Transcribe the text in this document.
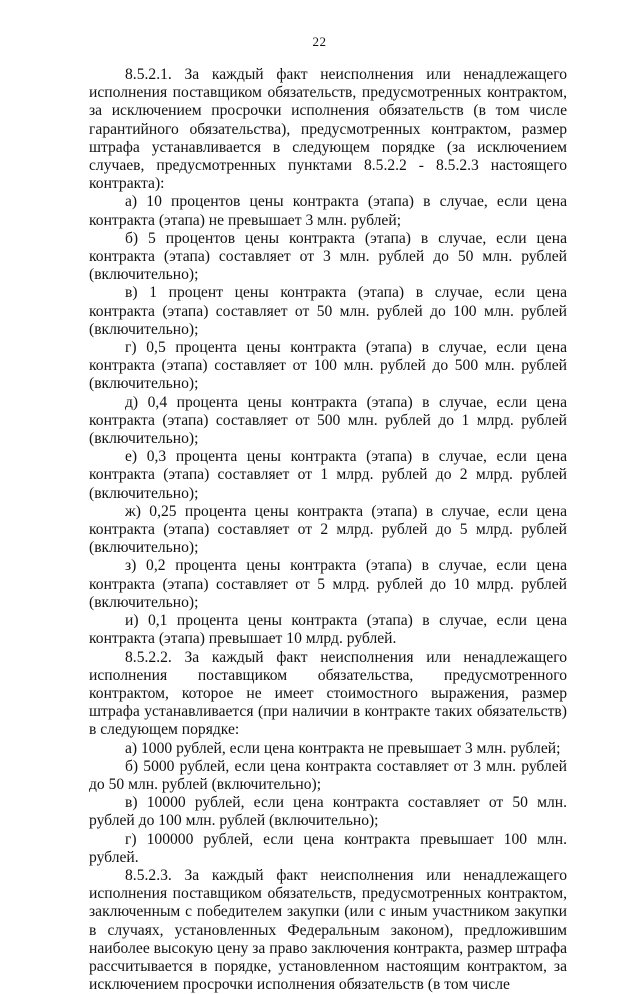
22

8.5.2.1. За каждый факт неисполнения или ненадлежащего исполнения поставщиком обязательств, предусмотренных контрактом, за исключением просрочки исполнения обязательств (в том числе гарантийного обязательства), предусмотренных контрактом, размер штрафа устанавливается в следующем порядке (за исключением случаев, предусмотренных пунктами 8.5.2.2 - 8.5.2.3 настоящего контракта):

а) 10 процентов цены контракта (этапа) в случае, если цена контракта (этапа) не превышает 3 млн. рублей;

б) 5 процентов цены контракта (этапа) в случае, если цена контракта (этапа) составляет от 3 млн. рублей до 50 млн. рублей (включительно);

в) 1 процент цены контракта (этапа) в случае, если цена контракта (этапа) составляет от 50 млн. рублей до 100 млн. рублей (включительно);

г) 0,5 процента цены контракта (этапа) в случае, если цена контракта (этапа) составляет от 100 млн. рублей до 500 млн. рублей (включительно);

д) 0,4 процента цены контракта (этапа) в случае, если цена контракта (этапа) составляет от 500 млн. рублей до 1 млрд. рублей (включительно);

е) 0,3 процента цены контракта (этапа) в случае, если цена контракта (этапа) составляет от 1 млрд. рублей до 2 млрд. рублей (включительно);

ж) 0,25 процента цены контракта (этапа) в случае, если цена контракта (этапа) составляет от 2 млрд. рублей до 5 млрд. рублей (включительно);

з) 0,2 процента цены контракта (этапа) в случае, если цена контракта (этапа) составляет от 5 млрд. рублей до 10 млрд. рублей (включительно);

и) 0,1 процента цены контракта (этапа) в случае, если цена контракта (этапа) превышает 10 млрд. рублей.

8.5.2.2. За каждый факт неисполнения или ненадлежащего исполнения поставщиком обязательства, предусмотренного контрактом, которое не имеет стоимостного выражения, размер штрафа устанавливается (при наличии в контракте таких обязательств) в следующем порядке:

а) 1000 рублей, если цена контракта не превышает 3 млн. рублей;

б) 5000 рублей, если цена контракта составляет от 3 млн. рублей до 50 млн. рублей (включительно);

в) 10000 рублей, если цена контракта составляет от 50 млн. рублей до 100 млн. рублей (включительно);

г) 100000 рублей, если цена контракта превышает 100 млн. рублей.

8.5.2.3. За каждый факт неисполнения или ненадлежащего исполнения поставщиком обязательств, предусмотренных контрактом, заключенным с победителем закупки (или с иным участником закупки в случаях, установленных Федеральным законом), предложившим наиболее высокую цену за право заключения контракта, размер штрафа рассчитывается в порядке, установленном настоящим контрактом, за исключением просрочки исполнения обязательств (в том числе
